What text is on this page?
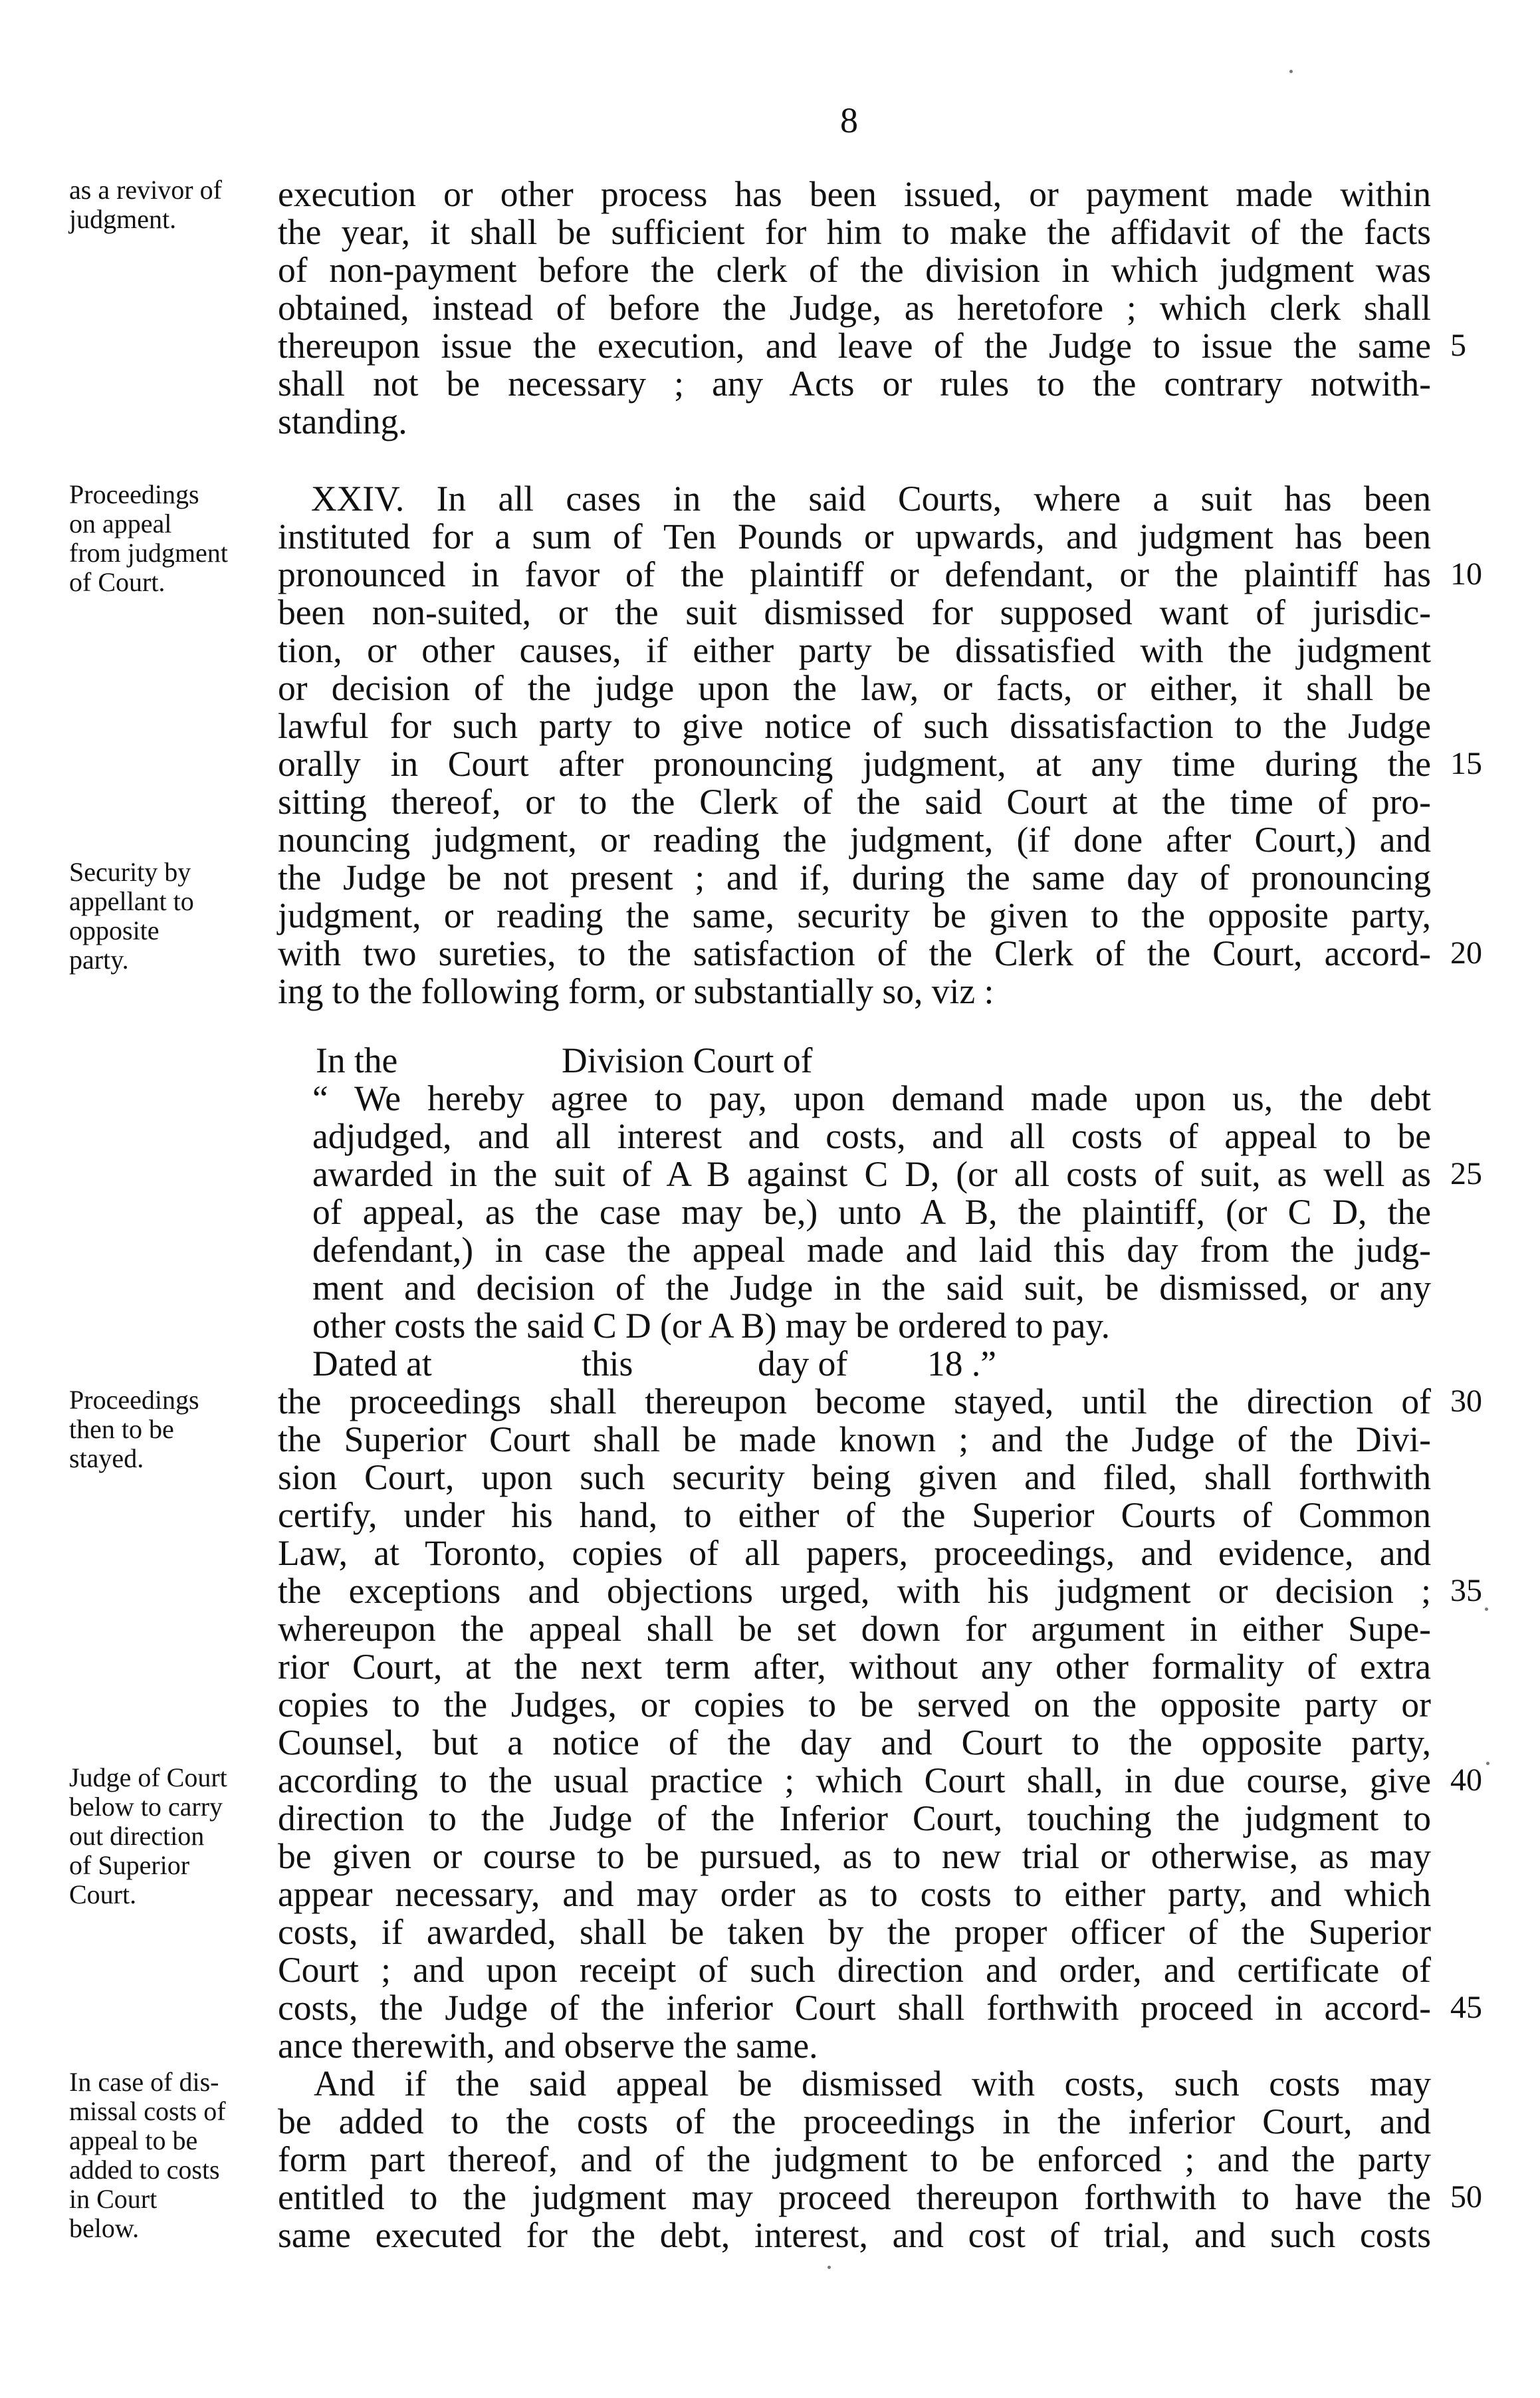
8
as a revivor of
judgment.
Proceedings
on appeal
from judgment
of Court.
Security by
appellant to
opposite
party.
Proceedings
then to be
stayed.
Judge of Court
below to carry
out direction
of Superior
Court.
In case of dis-
missal costs of
appeal to be
added to costs
in Court
below.
execution or other process has been issued, or payment made within
the year, it shall be sufficient for him to make the affidavit of the facts
of non-payment before the clerk of the division in which judgment was
obtained, instead of before the Judge, as heretofore ; which clerk shall
thereupon issue the execution, and leave of the Judge to issue the same
shall not be necessary ; any Acts or rules to the contrary notwith-
standing.
XXIV. In all cases in the said Courts, where a suit has been
instituted for a sum of Ten Pounds or upwards, and judgment has been
pronounced in favor of the plaintiff or defendant, or the plaintiff has
been non-suited, or the suit dismissed for supposed want of jurisdic-
tion, or other causes, if either party be dissatisfied with the judgment
or decision of the judge upon the law, or facts, or either, it shall be
lawful for such party to give notice of such dissatisfaction to the Judge
orally in Court after pronouncing judgment, at any time during the
sitting thereof, or to the Clerk of the said Court at the time of pro-
nouncing judgment, or reading the judgment, (if done after Court,) and
the Judge be not present ; and if, during the same day of pronouncing
judgment, or reading the same, security be given to the opposite party,
with two sureties, to the satisfaction of the Clerk of the Court, accord-
ing to the following form, or substantially so, viz :
In the	Division Court of
“ We hereby agree to pay, upon demand made upon us, the debt
adjudged, and all interest and costs, and all costs of appeal to be
awarded in the suit of A B against C D, (or all costs of suit, as well as
of appeal, as the case may be,) unto A B, the plaintiff, (or C D, the
defendant,) in case the appeal made and laid this day from the judg-
ment and decision of the Judge in the said suit, be dismissed, or any
other costs the said C D (or A B) may be ordered to pay.
Dated at	this	day of 18 .”
the proceedings shall thereupon become stayed, until the direction of
the Superior Court shall be made known ; and the Judge of the Divi-
sion Court, upon such security being given and filed, shall forthwith
certify, under his hand, to either of the Superior Courts of Common
Law, at Toronto, copies of all papers, proceedings, and evidence, and
the exceptions and objections urged, with his judgment or decision ;
whereupon the appeal shall be set down for argument in either Supe-
rior Court, at the next term after, without any other formality of extra
copies to the Judges, or copies to be served on the opposite party or
Counsel, but a notice of the day and Court to the opposite party,
according to the usual practice ; which Court shall, in due course, give
direction to the Judge of the Inferior Court, touching the judgment to
be given or course to be pursued, as to new trial or otherwise, as may
appear necessary, and may order as to costs to either party, and which
costs, if awarded, shall be taken by the proper officer of the Superior
Court ; and upon receipt of such direction and order, and certificate of
costs, the Judge of the inferior Court shall forthwith proceed in accord-
ance therewith, and observe the same.
And if the said appeal be dismissed with costs, such costs may
be added to the costs of the proceedings in the inferior Court, and
form part thereof, and of the judgment to be enforced ; and the party
entitled to the judgment may proceed thereupon forthwith to have the
same executed for the debt, interest, and cost of trial, and such costs
5
10
15
20
25
30
35
40
45
50
